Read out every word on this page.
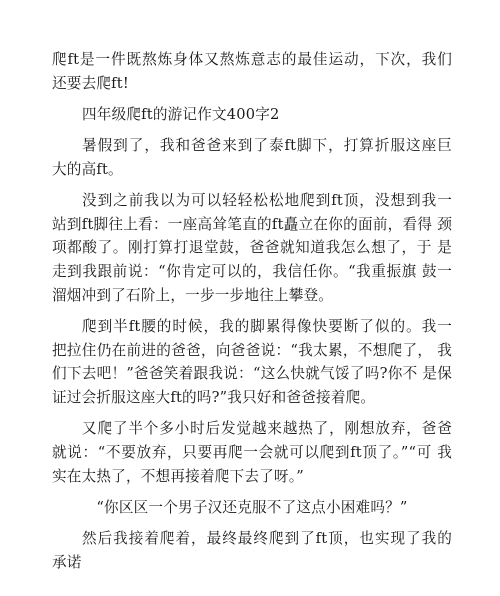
爬ft是一件既熬炼身体又熬炼意志的最佳运动，下次，我们 还要去爬ft!

四年级爬ft的游记作文400字2

暑假到了，我和爸爸来到了泰ft脚下，打算折服这座巨 大的高ft。

没到之前我以为可以轻轻松松地爬到ft顶，没想到我一 站到ft脚往上看：一座高耸笔直的ft矗立在你的面前，看得 颈项都酸了。刚打算打退堂鼓，爸爸就知道我怎么想了，于 是走到我跟前说：“你肯定可以的，我信任你。“我重振旗 鼓一溜烟冲到了石阶上，一步一步地往上攀登。

爬到半ft腰的时候，我的脚累得像快要断了似的。我一 把拉住仍在前进的爸爸，向爸爸说：“我太累，不想爬了， 我们下去吧！”爸爸笑着跟我说：“这么快就气馁了吗?你不 是保证过会折服这座大ft的吗?”我只好和爸爸接着爬。

又爬了半个多小时后发觉越来越热了，刚想放弃，爸爸 就说：“不要放弃，只要再爬一会就可以爬到ft顶了。”“可 我实在太热了，不想再接着爬下去了呀。”

“你区区一个男子汉还克服不了这点小困难吗？”

然后我接着爬着，最终最终爬到了ft顶，也实现了我的 承诺
